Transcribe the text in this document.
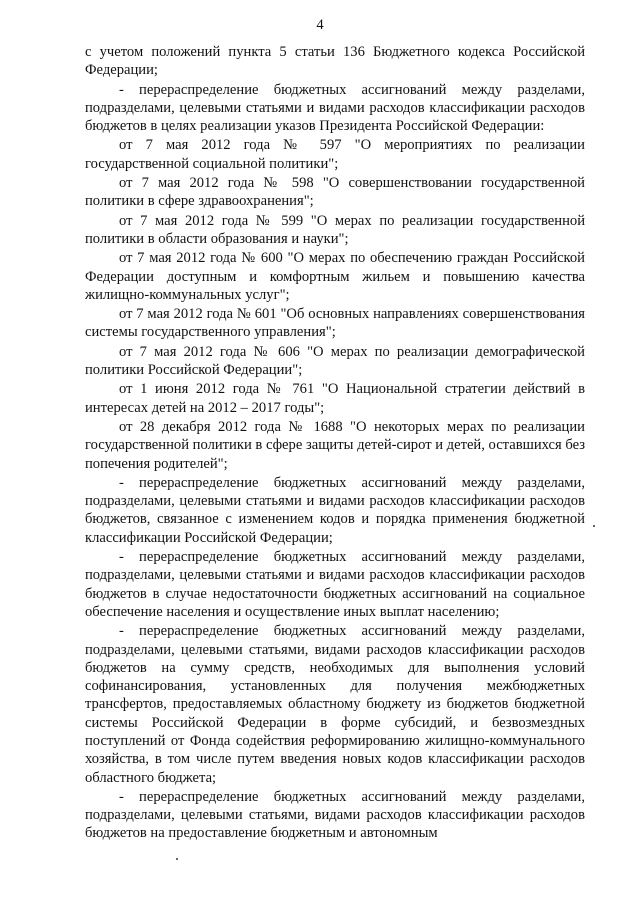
4

с учетом положений пункта 5 статьи 136 Бюджетного кодекса Российской Федерации;

- перераспределение бюджетных ассигнований между разделами, подразделами, целевыми статьями и видами расходов классификации расходов бюджетов в целях реализации указов Президента Российской Федерации:

от 7 мая 2012 года № 597 "О мероприятиях по реализации государственной социальной политики";

от 7 мая 2012 года № 598 "О совершенствовании государственной политики в сфере здравоохранения";

от 7 мая 2012 года № 599 "О мерах по реализации государственной политики в области образования и науки";

от 7 мая 2012 года № 600 "О мерах по обеспечению граждан Российской Федерации доступным и комфортным жильем и повышению качества жилищно-коммунальных услуг";

от 7 мая 2012 года № 601 "Об основных направлениях совершенствования системы государственного управления";

от 7 мая 2012 года № 606 "О мерах по реализации демографической политики Российской Федерации";

от 1 июня 2012 года № 761 "О Национальной стратегии действий в интересах детей на 2012 – 2017 годы";

от 28 декабря 2012 года № 1688 "О некоторых мерах по реализации государственной политики в сфере защиты детей-сирот и детей, оставшихся без попечения родителей";

- перераспределение бюджетных ассигнований между разделами, подразделами, целевыми статьями и видами расходов классификации расходов бюджетов, связанное с изменением кодов и порядка применения бюджетной классификации Российской Федерации;

- перераспределение бюджетных ассигнований между разделами, подразделами, целевыми статьями и видами расходов классификации расходов бюджетов в случае недостаточности бюджетных ассигнований на социальное обеспечение населения и осуществление иных выплат населению;

- перераспределение бюджетных ассигнований между разделами, подразделами, целевыми статьями, видами расходов классификации расходов бюджетов на сумму средств, необходимых для выполнения условий софинансирования, установленных для получения межбюджетных трансфертов, предоставляемых областному бюджету из бюджетов бюджетной системы Российской Федерации в форме субсидий, и безвозмездных поступлений от Фонда содействия реформированию жилищно-коммунального хозяйства, в том числе путем введения новых кодов классификации расходов областного бюджета;

- перераспределение бюджетных ассигнований между разделами, подразделами, целевыми статьями, видами расходов классификации расходов бюджетов на предоставление бюджетным и автономным
